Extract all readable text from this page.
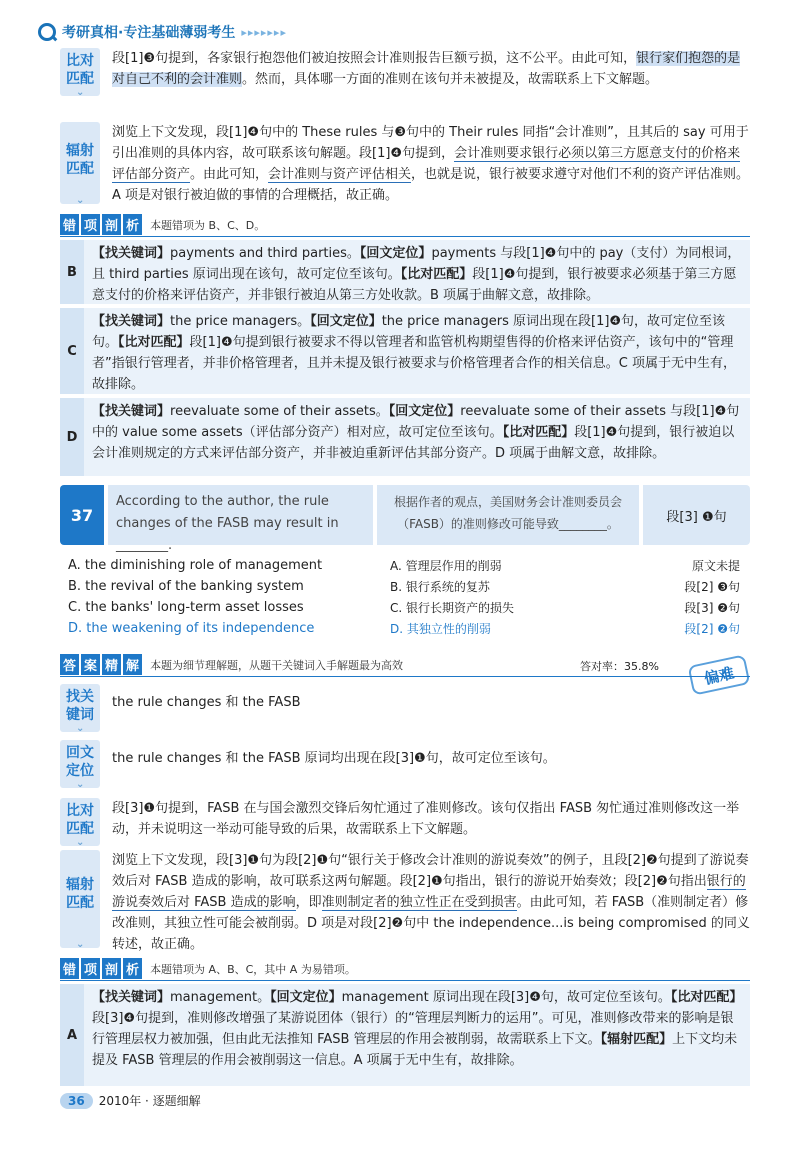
考研真相·专注基础薄弱考生 ▸▸▸▸▸▸▸
比对
匹配 ⌄
段[1]❸句提到，各家银行抱怨他们被迫按照会计准则报告巨额亏损，这不公平。由此可知，银行家们抱怨的是对自己不利的会计准则。然而，具体哪一方面的准则在该句并未被提及，故需联系上下文解题。
辐射
匹配 ⌄
浏览上下文发现，段[1]❹句中的 These rules 与❸句中的 Their rules 同指“会计准则”，且其后的 say 可用于引出准则的具体内容，故可联系该句解题。段[1]❹句提到，会计准则要求银行必须以第三方愿意支付的价格来评估部分资产。由此可知，会计准则与资产评估相关，也就是说，银行被要求遵守对他们不利的资产评估准则。A 项是对银行被迫做的事情的合理概括，故正确。
错 项 剖 析 本题错项为 B、C、D。
B
【找关键词】payments and third parties。【回文定位】payments 与段[1]❹句中的 pay（支付）为同根词，且 third parties 原词出现在该句，故可定位至该句。【比对匹配】段[1]❹句提到，银行被要求必须基于第三方愿意支付的价格来评估资产，并非银行被迫从第三方处收款。B 项属于曲解文意，故排除。
C
【找关键词】the price managers。【回文定位】the price managers 原词出现在段[1]❹句，故可定位至该句。【比对匹配】段[1]❹句提到银行被要求不得以管理者和监管机构期望售得的价格来评估资产，该句中的“管理者”指银行管理者，并非价格管理者，且并未提及银行被要求与价格管理者合作的相关信息。C 项属于无中生有，故排除。
D
【找关键词】reevaluate some of their assets。【回文定位】reevaluate some of their assets 与段[1]❹句中的 value some assets（评估部分资产）相对应，故可定位至该句。【比对匹配】段[1]❹句提到，银行被迫以会计准则规定的方式来评估部分资产，并非被迫重新评估其部分资产。D 项属于曲解文意，故排除。
37
According to the author, the rule changes of the FASB may result in ________.
根据作者的观点，美国财务会计准则委员会（FASB）的准则修改可能导致________。	段[3] ❶句
A. the diminishing role of management	A. 管理层作用的削弱	原文未提
B. the revival of the banking system	B. 银行系统的复苏	段[2] ❸句
C. the banks' long-term asset losses	C. 银行长期资产的损失	段[3] ❷句
D. the weakening of its independence	D. 其独立性的削弱	段[2] ❷句
答 案 精 解 本题为细节理解题，从题干关键词入手解题最为高效	答对率：35.8%	偏难
找关
键词 ⌄
the rule changes 和 the FASB
回文
定位 ⌄
the rule changes 和 the FASB 原词均出现在段[3]❶句，故可定位至该句。
比对
匹配 ⌄
段[3]❶句提到，FASB 在与国会激烈交锋后匆忙通过了准则修改。该句仅指出 FASB 匆忙通过准则修改这一举动，并未说明这一举动可能导致的后果，故需联系上下文解题。
辐射
匹配 ⌄
浏览上下文发现，段[3]❶句为段[2]❶句“银行关于修改会计准则的游说奏效”的例子，且段[2]❷句提到了游说奏效后对 FASB 造成的影响，故可联系这两句解题。段[2]❶句指出，银行的游说开始奏效；段[2]❷句指出银行的游说奏效后对 FASB 造成的影响，即准则制定者的独立性正在受到损害。由此可知，若 FASB（准则制定者）修改准则，其独立性可能会被削弱。D 项是对段[2]❷句中 the independence...is being compromised 的同义转述，故正确。
错 项 剖 析 本题错项为 A、B、C，其中 A 为易错项。
A
【找关键词】management。【回文定位】management 原词出现在段[3]❹句，故可定位至该句。【比对匹配】段[3]❹句提到，准则修改增强了某游说团体（银行）的“管理层判断力的运用”。可见，准则修改带来的影响是银行管理层权力被加强，但由此无法推知 FASB 管理层的作用会被削弱，故需联系上下文。【辐射匹配】上下文均未提及 FASB 管理层的作用会被削弱这一信息。A 项属于无中生有，故排除。
36	2010年 · 逐题细解
